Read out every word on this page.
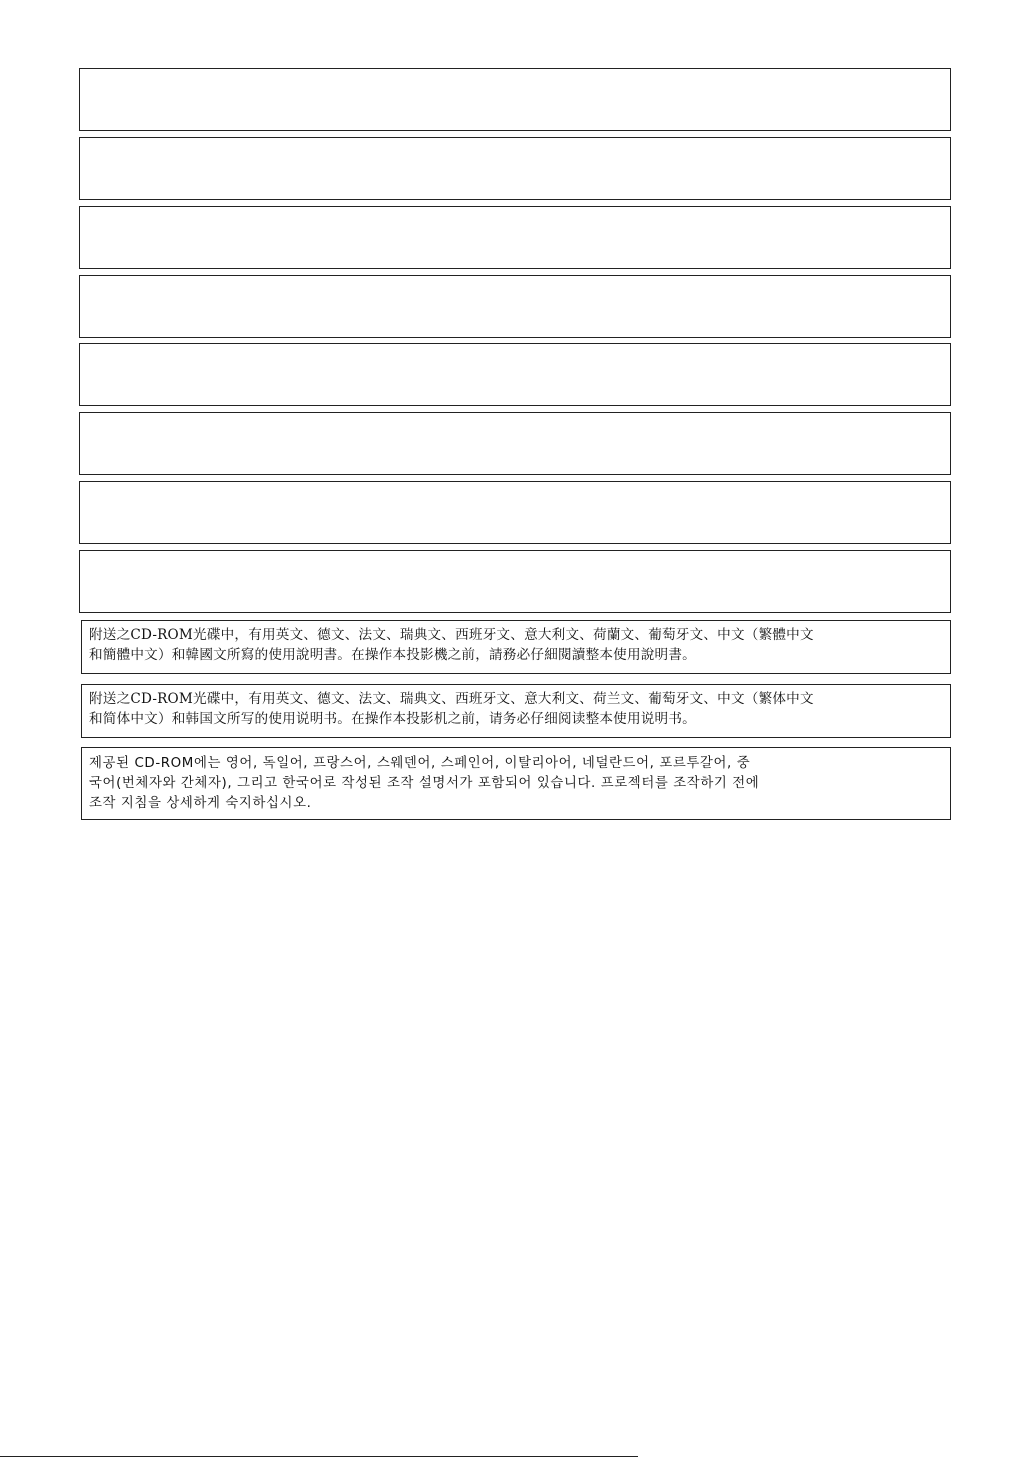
附送之CD-ROM光碟中，有用英文、德文、法文、瑞典文、西班牙文、意大利文、荷蘭文、葡萄牙文、中文（繁體中文
和簡體中文）和韓國文所寫的使用說明書。在操作本投影機之前，請務必仔細閱讀整本使用說明書。
附送之CD-ROM光碟中，有用英文、德文、法文、瑞典文、西班牙文、意大利文、荷兰文、葡萄牙文、中文（繁体中文
和简体中文）和韩国文所写的使用说明书。在操作本投影机之前，请务必仔细阅读整本使用说明书。
제공된 CD-ROM에는 영어, 독일어, 프랑스어, 스웨덴어, 스페인어, 이탈리아어, 네덜란드어, 포르투갈어, 중
국어(번체자와 간체자), 그리고 한국어로 작성된 조작 설명서가 포함되어 있습니다. 프로젝터를 조작하기 전에
조작 지침을 상세하게 숙지하십시오.
